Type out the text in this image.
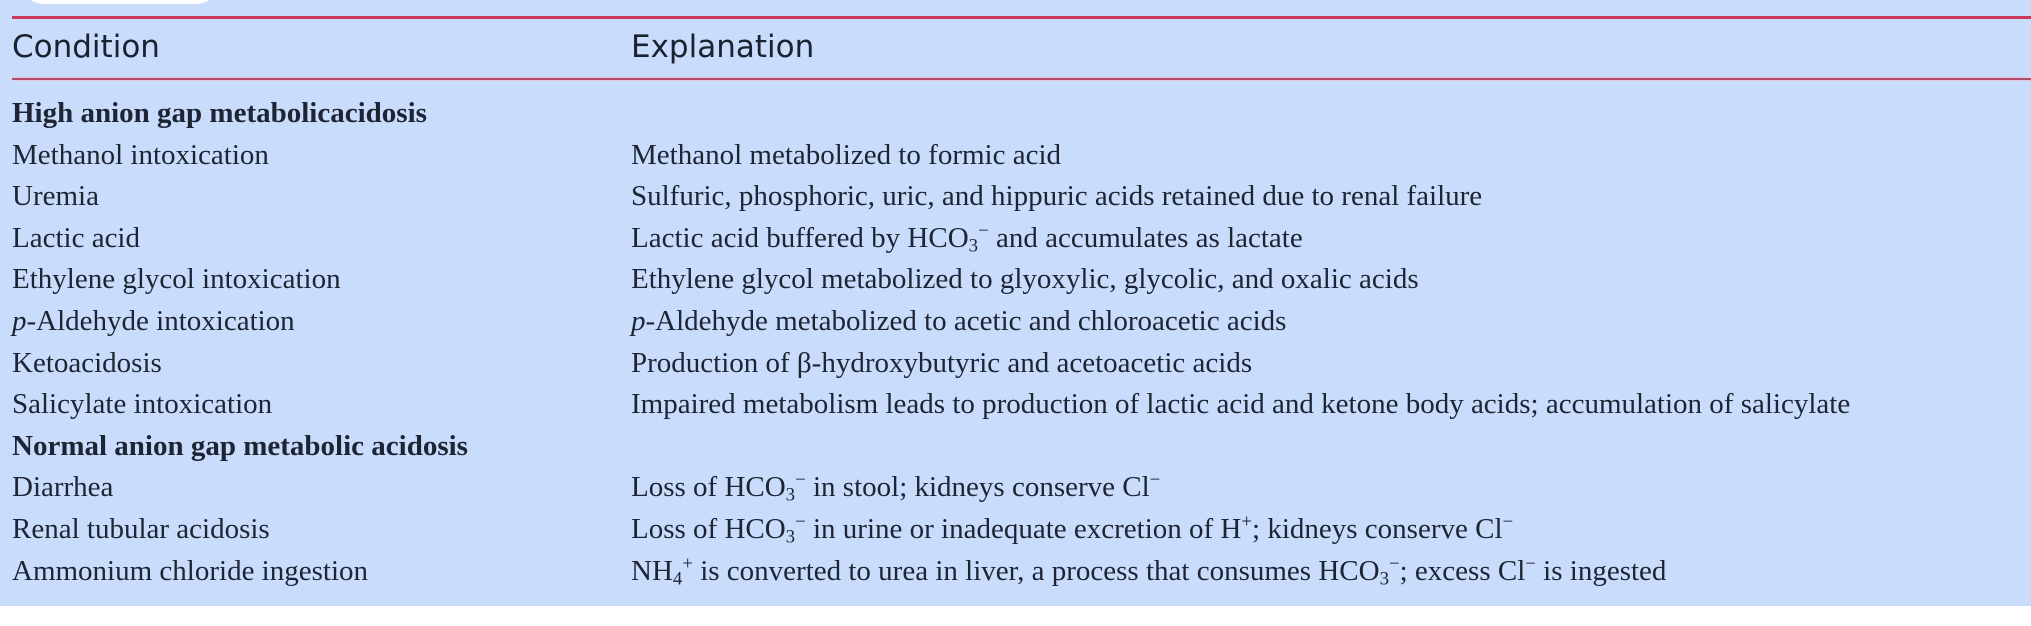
Condition	Explanation
High anion gap metabolicacidosis
Methanol intoxication	Methanol metabolized to formic acid
Uremia	Sulfuric, phosphoric, uric, and hippuric acids retained due to renal failure
Lactic acid	Lactic acid buffered by $HCO_3^-$ and accumulates as lactate
Ethylene glycol intoxication	Ethylene glycol metabolized to glyoxylic, glycolic, and oxalic acids
p-Aldehyde intoxication	p-Aldehyde metabolized to acetic and chloroacetic acids
Ketoacidosis	Production of β-hydroxybutyric and acetoacetic acids
Salicylate intoxication	Impaired metabolism leads to production of lactic acid and ketone body acids; accumulation of salicylate
Normal anion gap metabolic acidosis
Diarrhea	Loss of $HCO_3^-$ in stool; kidneys conserve Cl−
Renal tubular acidosis	Loss of $HCO_3^-$ in urine or inadequate excretion of H+; kidneys conserve Cl−
Ammonium chloride ingestion	$NH_4^+$ is converted to urea in liver, a process that consumes $HCO_3^-$; excess Cl− is ingested
